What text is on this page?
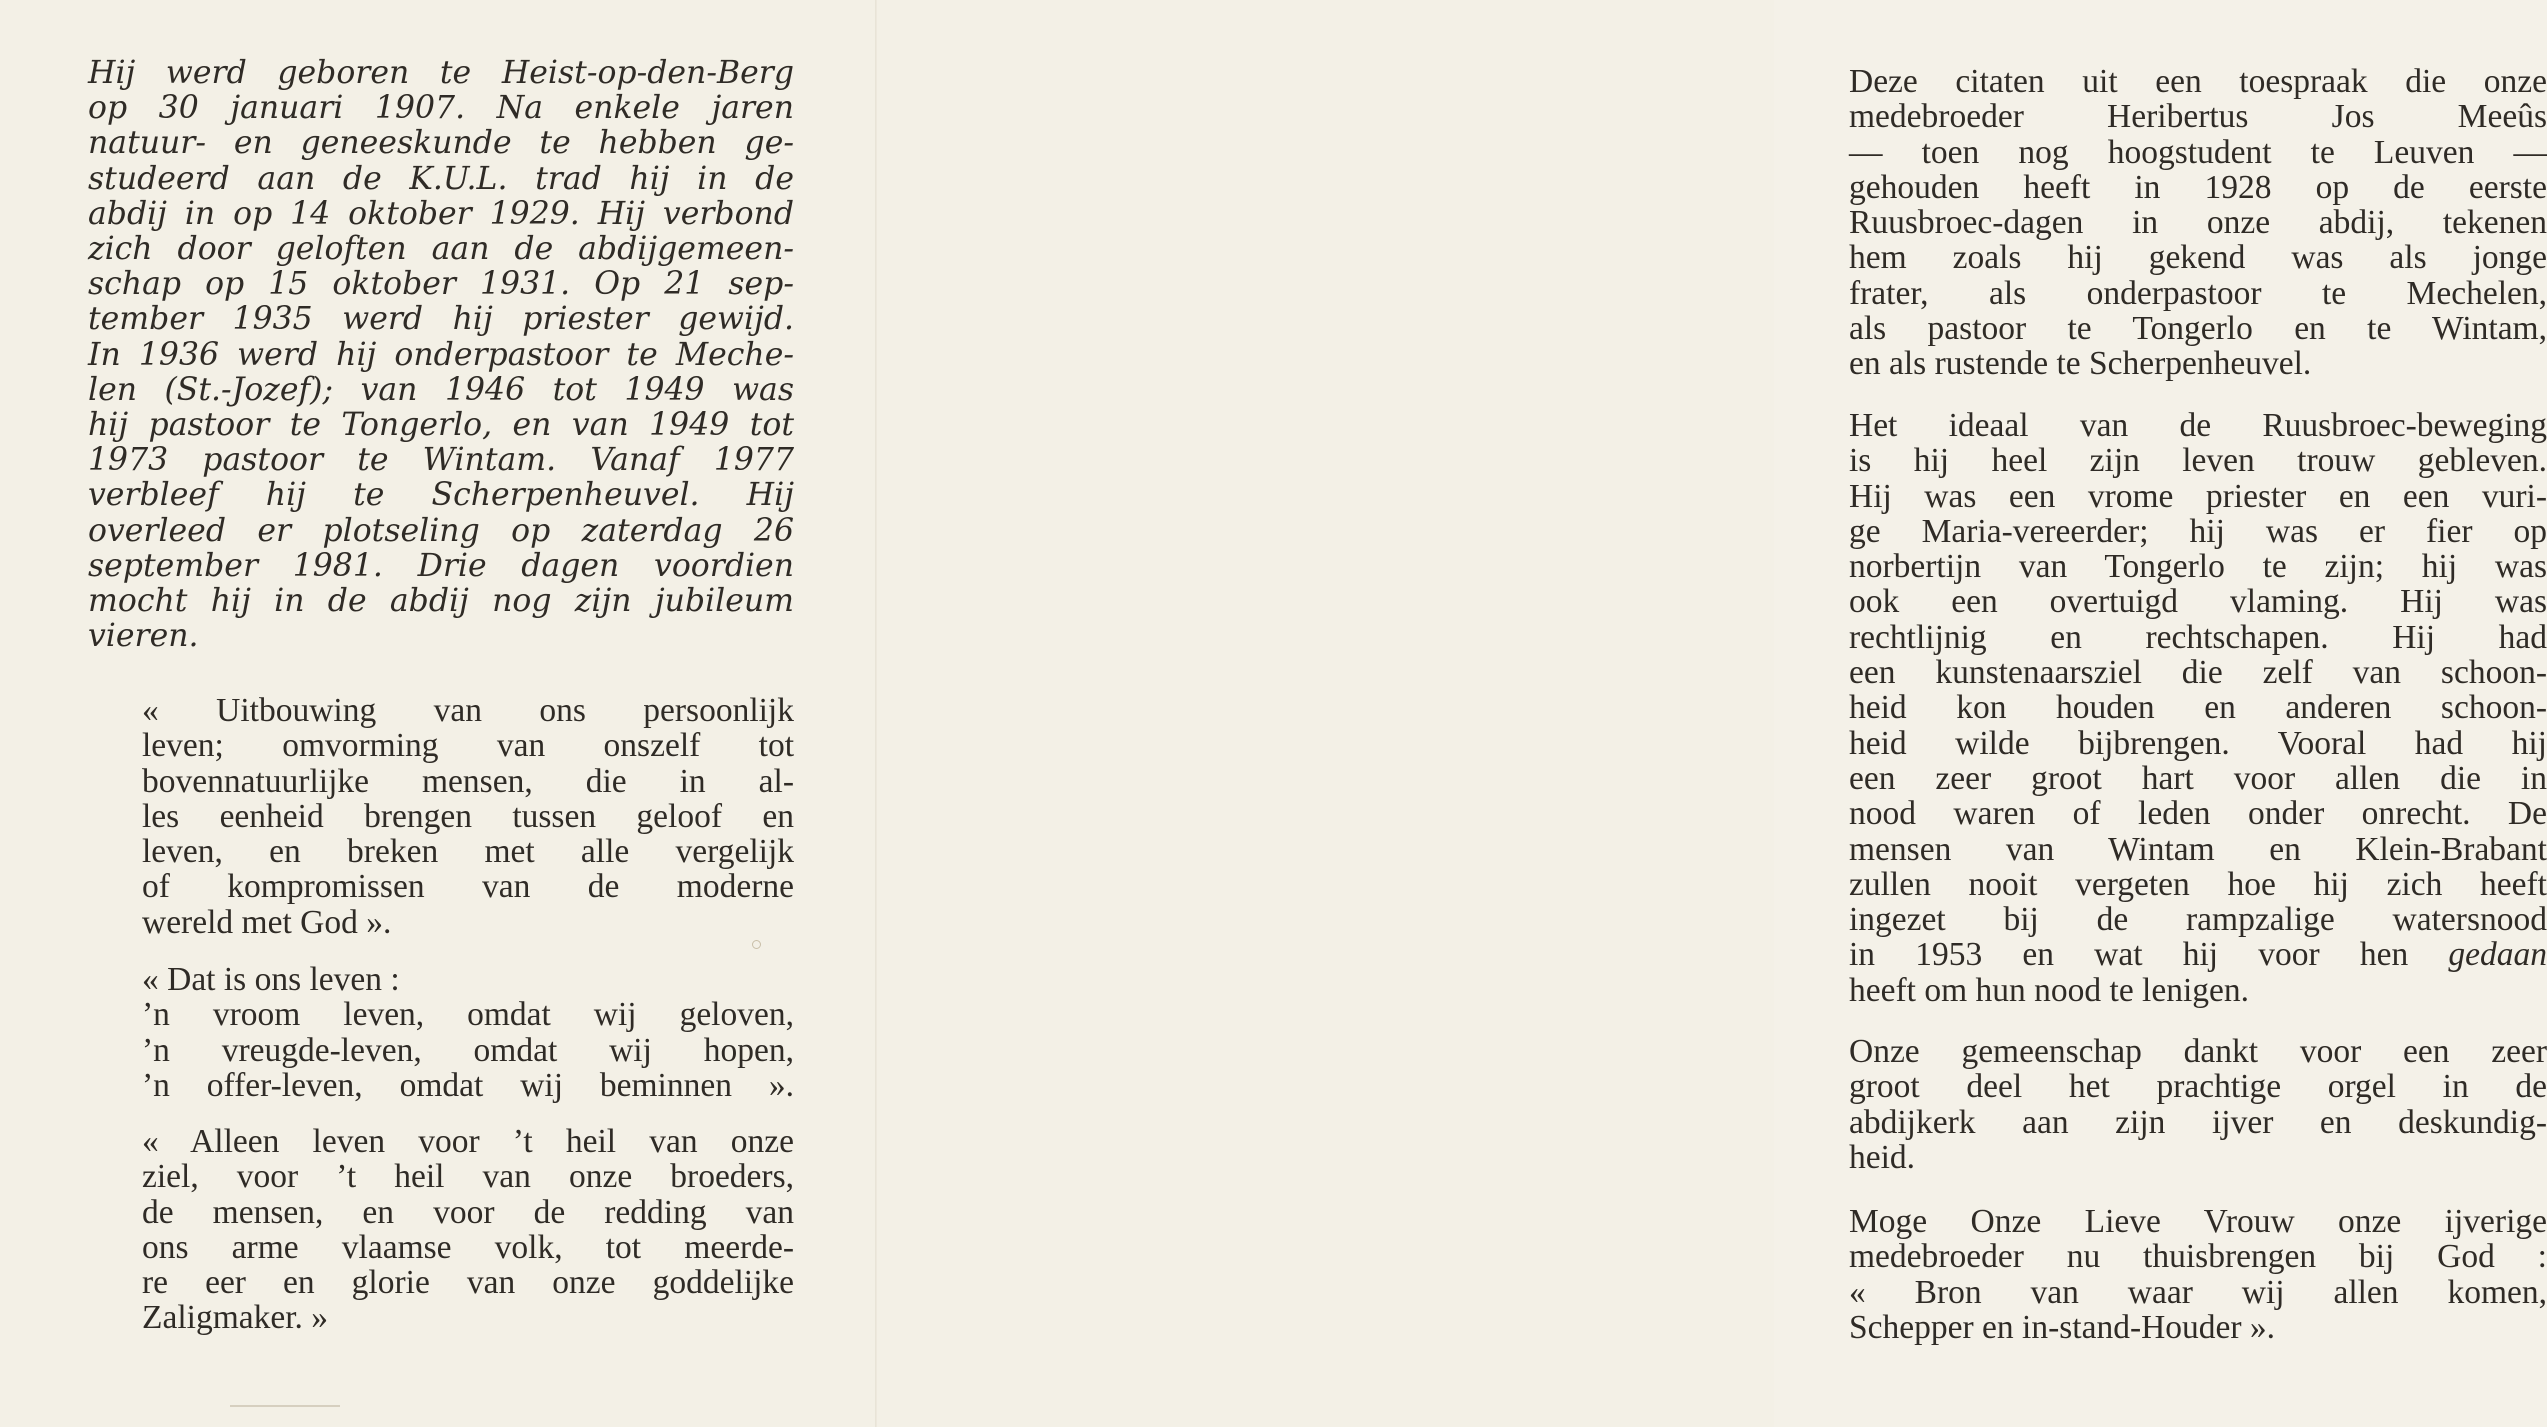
Hij werd geboren te Heist-op-den-Berg
op 30 januari 1907. Na enkele jaren
natuur- en geneeskunde te hebben ge-
studeerd aan de K.U.L. trad hij in de
abdij in op 14 oktober 1929. Hij verbond
zich door geloften aan de abdijgemeen-
schap op 15 oktober 1931. Op 21 sep-
tember 1935 werd hij priester gewijd.
In 1936 werd hij onderpastoor te Meche-
len (St.-Jozef); van 1946 tot 1949 was
hij pastoor te Tongerlo, en van 1949 tot
1973 pastoor te Wintam. Vanaf 1977
verbleef hij te Scherpenheuvel. Hij
overleed er plotseling op zaterdag 26
september 1981. Drie dagen voordien
mocht hij in de abdij nog zijn jubileum
vieren.
« Uitbouwing van ons persoonlijk
leven; omvorming van onszelf tot
bovennatuurlijke mensen, die in al-
les eenheid brengen tussen geloof en
leven, en breken met alle vergelijk
of kompromissen van de moderne
wereld met God ».
« Dat is ons leven :
’n vroom leven, omdat wij geloven,
’n vreugde-leven, omdat wij hopen,
’n offer-leven, omdat wij beminnen ».
« Alleen leven voor ’t heil van onze
ziel, voor ’t heil van onze broeders,
de mensen, en voor de redding van
ons arme vlaamse volk, tot meerde-
re eer en glorie van onze goddelijke
Zaligmaker. »
Deze citaten uit een toespraak die onze
medebroeder Heribertus Jos Meeûs
— toen nog hoogstudent te Leuven —
gehouden heeft in 1928 op de eerste
Ruusbroec-dagen in onze abdij, tekenen
hem zoals hij gekend was als jonge
frater, als onderpastoor te Mechelen,
als pastoor te Tongerlo en te Wintam,
en als rustende te Scherpenheuvel.
Het ideaal van de Ruusbroec-beweging
is hij heel zijn leven trouw gebleven.
Hij was een vrome priester en een vuri-
ge Maria-vereerder; hij was er fier op
norbertijn van Tongerlo te zijn; hij was
ook een overtuigd vlaming. Hij was
rechtlijnig en rechtschapen. Hij had
een kunstenaarsziel die zelf van schoon-
heid kon houden en anderen schoon-
heid wilde bijbrengen. Vooral had hij
een zeer groot hart voor allen die in
nood waren of leden onder onrecht. De
mensen van Wintam en Klein-Brabant
zullen nooit vergeten hoe hij zich heeft
ingezet bij de rampzalige watersnood
in 1953 en wat hij voor hen gedaan
heeft om hun nood te lenigen.
Onze gemeenschap dankt voor een zeer
groot deel het prachtige orgel in de
abdijkerk aan zijn ijver en deskundig-
heid.
Moge Onze Lieve Vrouw onze ijverige
medebroeder nu thuisbrengen bij God :
« Bron van waar wij allen komen,
Schepper en in-stand-Houder ».
